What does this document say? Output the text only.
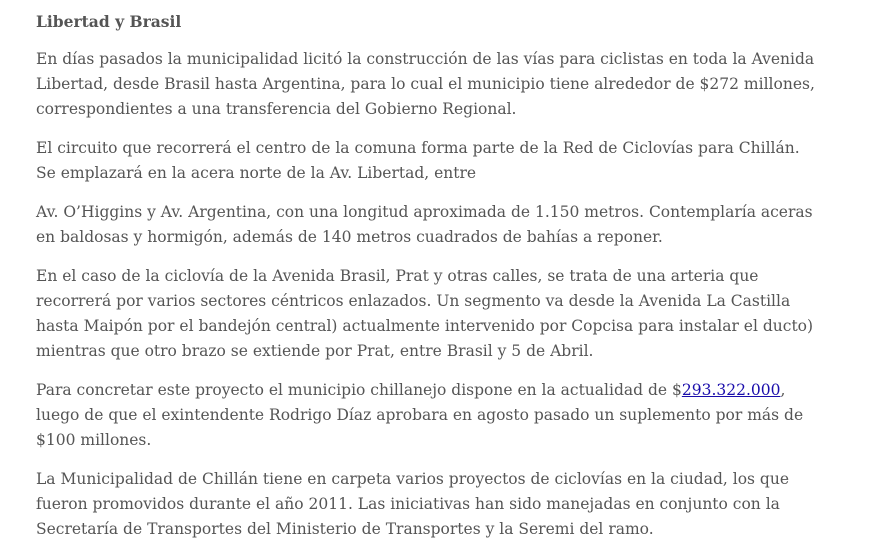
Libertad y Brasil

En días pasados la municipalidad licitó la construcción de las vías para ciclistas en toda la Avenida Libertad, desde Brasil hasta Argentina, para lo cual el municipio tiene alrededor de $272 millones, correspondientes a una transferencia del Gobierno Regional.

El circuito que recorrerá el centro de la comuna forma parte de la Red de Ciclovías para Chillán. Se emplazará en la acera norte de la Av. Libertad, entre

Av. O’Higgins y Av. Argentina, con una longitud aproximada de 1.150 metros. Contemplaría aceras en baldosas y hormigón, además de 140 metros cuadrados de bahías a reponer.

En el caso de la ciclovía de la Avenida Brasil, Prat y otras calles, se trata de una arteria que recorrerá por varios sectores céntricos enlazados. Un segmento va desde la Avenida La Castilla hasta Maipón por el bandejón central) actualmente intervenido por Copcisa para instalar el ducto) mientras que otro brazo se extiende por Prat, entre Brasil y 5 de Abril.

Para concretar este proyecto el municipio chillanejo dispone en la actualidad de $293.322.000, luego de que el exintendente Rodrigo Díaz aprobara en agosto pasado un suplemento por más de $100 millones.

La Municipalidad de Chillán tiene en carpeta varios proyectos de ciclovías en la ciudad, los que fueron promovidos durante el año 2011. Las iniciativas han sido manejadas en conjunto con la Secretaría de Transportes del Ministerio de Transportes y la Seremi del ramo.
